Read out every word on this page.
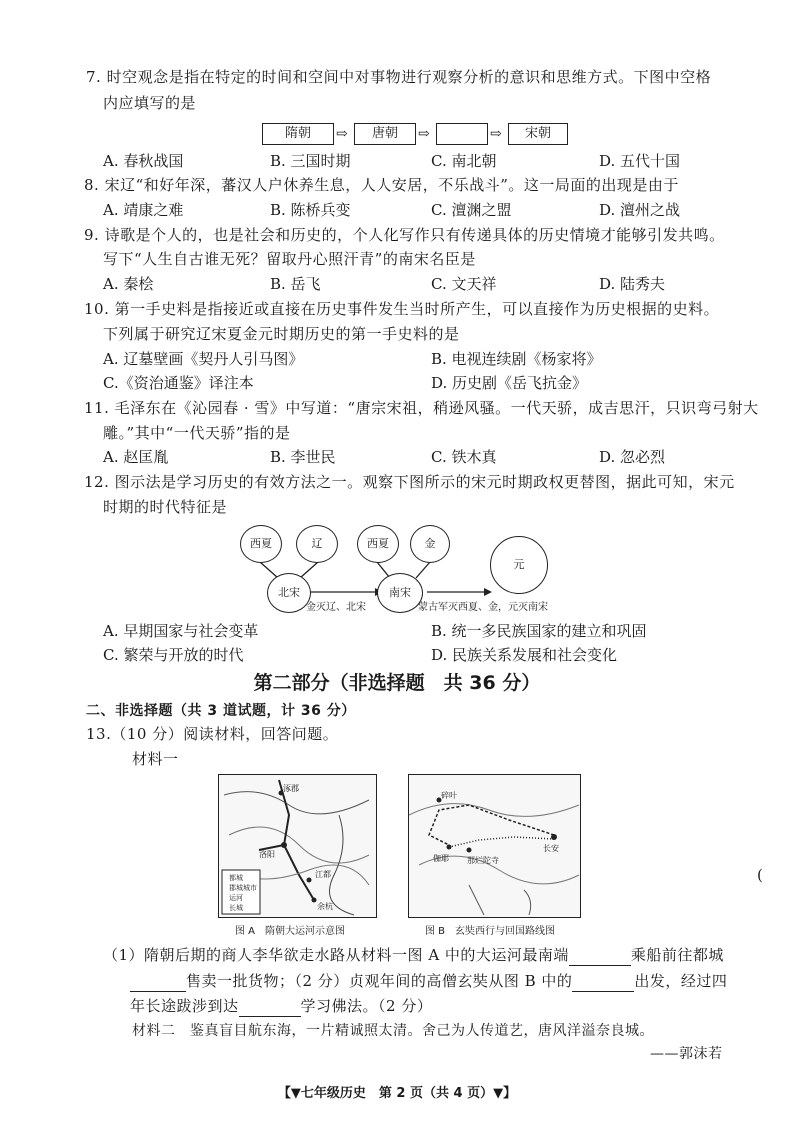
7. 时空观念是指在特定的时间和空间中对事物进行观察分析的意识和思维方式。下图中空格
内应填写的是
隋朝	⇨	唐朝	⇨	⇨	宋朝
A. 春秋战国	B. 三国时期	C. 南北朝	D. 五代十国
8. 宋辽“和好年深，蕃汉人户休养生息，人人安居，不乐战斗”。这一局面的出现是由于
A. 靖康之难	B. 陈桥兵变	C. 澶渊之盟	D. 澶州之战
9. 诗歌是个人的，也是社会和历史的，个人化写作只有传递具体的历史情境才能够引发共鸣。
写下“人生自古谁无死？留取丹心照汗青”的南宋名臣是
A. 秦桧	B. 岳飞	C. 文天祥	D. 陆秀夫
10. 第一手史料是指接近或直接在历史事件发生当时所产生，可以直接作为历史根据的史料。
下列属于研究辽宋夏金元时期历史的第一手史料的是
A. 辽墓壁画《契丹人引马图》	B. 电视连续剧《杨家将》
C.《资治通鉴》译注本	D. 历史剧《岳飞抗金》
11. 毛泽东在《沁园春 · 雪》中写道：“唐宗宋祖，稍逊风骚。一代天骄，成吉思汗，只识弯弓射大
雕。”其中“一代天骄”指的是
A. 赵匡胤	B. 李世民	C. 铁木真	D. 忽必烈
12. 图示法是学习历史的有效方法之一。观察下图所示的宋元时期政权更替图，据此可知，宋元
时期的时代特征是
西夏	辽	西夏	金
北宋	南宋
元
金灭辽、北宋	蒙古军灭西夏、金，元灭南宋
A. 早期国家与社会变革	B. 统一多民族国家的建立和巩固
C. 繁荣与开放的时代	D. 民族关系发展和社会变化
第二部分（非选择题　共 36 分）
二、非选择题（共 3 道试题，计 36 分）
13.（10 分）阅读材料，回答问题。
材料一
涿郡
洛阳
江都
余杭
都城
郡城城市
运河
长城
图 A　隋朝大运河示意图
碎叶
长安
伽耶 那烂陀寺
图 B　玄奘西行与回国路线图
（1）隋朝后期的商人李华欲走水路从材料一图 A 中的大运河最南端	乘船前往都城
售卖一批货物；（2 分）贞观年间的高僧玄奘从图 B 中的	出发，经过四
年长途跋涉到达	学习佛法。（2 分）
材料二　鉴真盲目航东海，一片精诚照太清。舍己为人传道艺，唐风洋溢奈良城。
——郭沫若
【▼七年级历史　第 2 页（共 4 页）▼】
(
